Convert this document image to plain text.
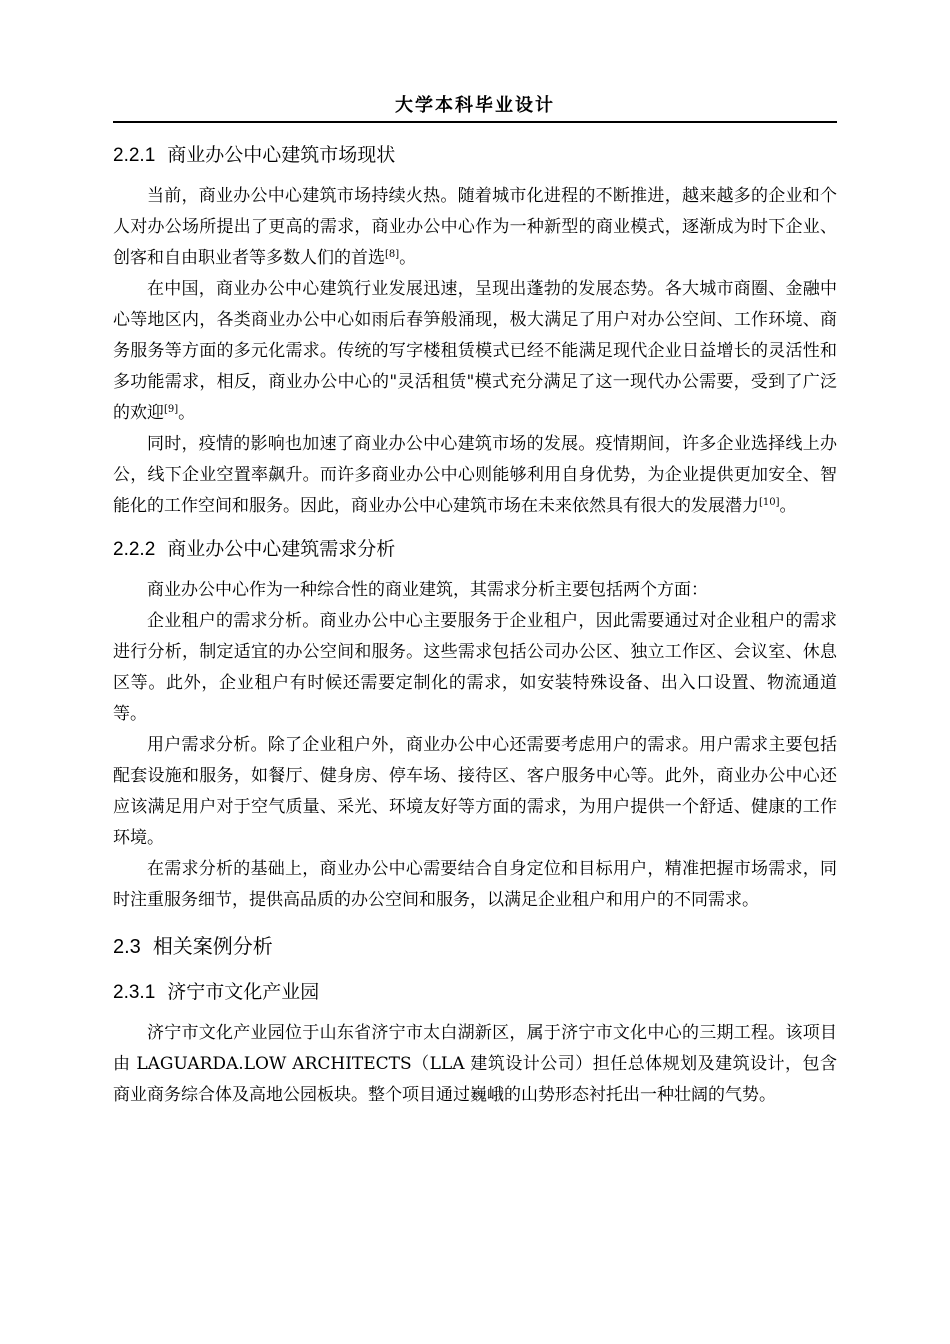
大学本科毕业设计
2.2.1 商业办公中心建筑市场现状

当前，商业办公中心建筑市场持续火热。随着城市化进程的不断推进，越来越多的企业和个人对办公场所提出了更高的需求，商业办公中心作为一种新型的商业模式，逐渐成为时下企业、创客和自由职业者等多数人们的首选[8]。

在中国，商业办公中心建筑行业发展迅速，呈现出蓬勃的发展态势。各大城市商圈、金融中心等地区内，各类商业办公中心如雨后春笋般涌现，极大满足了用户对办公空间、工作环境、商务服务等方面的多元化需求。传统的写字楼租赁模式已经不能满足现代企业日益增长的灵活性和多功能需求，相反，商业办公中心的"灵活租赁"模式充分满足了这一现代办公需要，受到了广泛的欢迎[9]。

同时，疫情的影响也加速了商业办公中心建筑市场的发展。疫情期间，许多企业选择线上办公，线下企业空置率飙升。而许多商业办公中心则能够利用自身优势，为企业提供更加安全、智能化的工作空间和服务。因此，商业办公中心建筑市场在未来依然具有很大的发展潜力[10]。

2.2.2 商业办公中心建筑需求分析

商业办公中心作为一种综合性的商业建筑，其需求分析主要包括两个方面：

企业租户的需求分析。商业办公中心主要服务于企业租户，因此需要通过对企业租户的需求进行分析，制定适宜的办公空间和服务。这些需求包括公司办公区、独立工作区、会议室、休息区等。此外，企业租户有时候还需要定制化的需求，如安装特殊设备、出入口设置、物流通道等。

用户需求分析。除了企业租户外，商业办公中心还需要考虑用户的需求。用户需求主要包括配套设施和服务，如餐厅、健身房、停车场、接待区、客户服务中心等。此外，商业办公中心还应该满足用户对于空气质量、采光、环境友好等方面的需求，为用户提供一个舒适、健康的工作环境。

在需求分析的基础上，商业办公中心需要结合自身定位和目标用户，精准把握市场需求，同时注重服务细节，提供高品质的办公空间和服务，以满足企业租户和用户的不同需求。

2.3 相关案例分析
2.3.1 济宁市文化产业园

济宁市文化产业园位于山东省济宁市太白湖新区，属于济宁市文化中心的三期工程。该项目由 LAGUARDA.LOW ARCHITECTS（LLA 建筑设计公司）担任总体规划及建筑设计，包含商业商务综合体及高地公园板块。整个项目通过巍峨的山势形态衬托出一种壮阔的气势。
